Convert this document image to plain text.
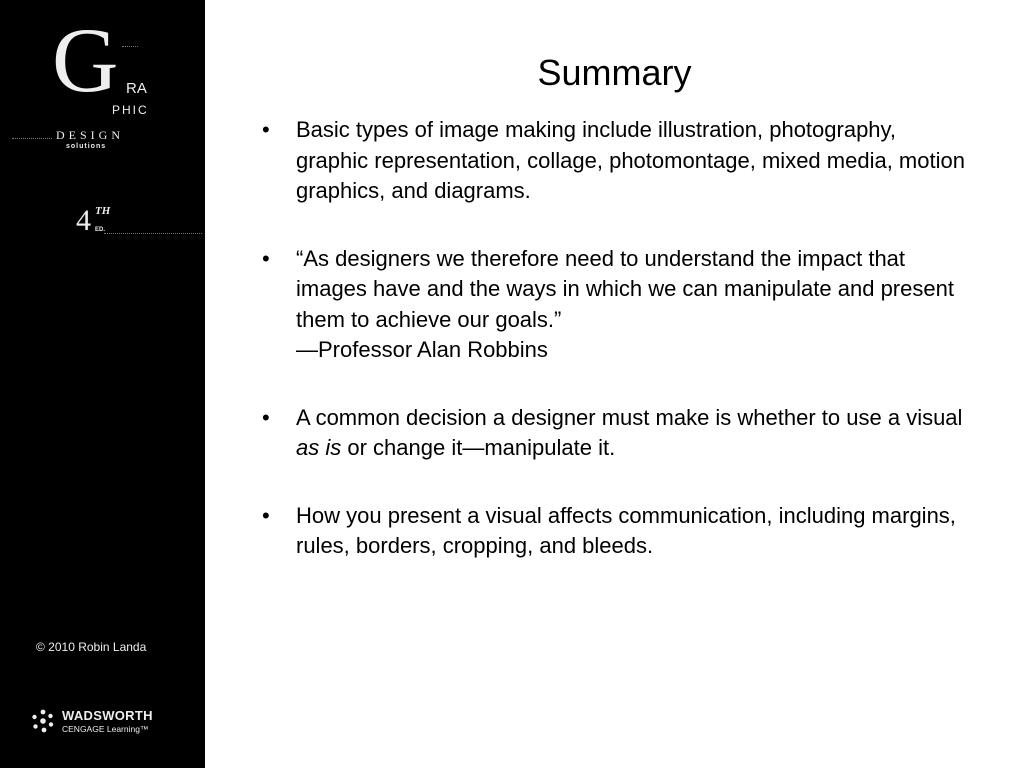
G RA
PHIC
DESIGN
solutions
4 TH
ED.
© 2010 Robin Landa
WADSWORTH
CENGAGE Learning™
Summary
•	Basic types of image making include illustration, photography, graphic representation, collage, photomontage, mixed media, motion graphics, and diagrams.
•	“As designers we therefore need to understand the impact that images have and the ways in which we can manipulate and present them to achieve our goals.”
—Professor Alan Robbins
•	A common decision a designer must make is whether to use a visual as is or change it—manipulate it.
•	How you present a visual affects communication, including margins, rules, borders, cropping, and bleeds.
